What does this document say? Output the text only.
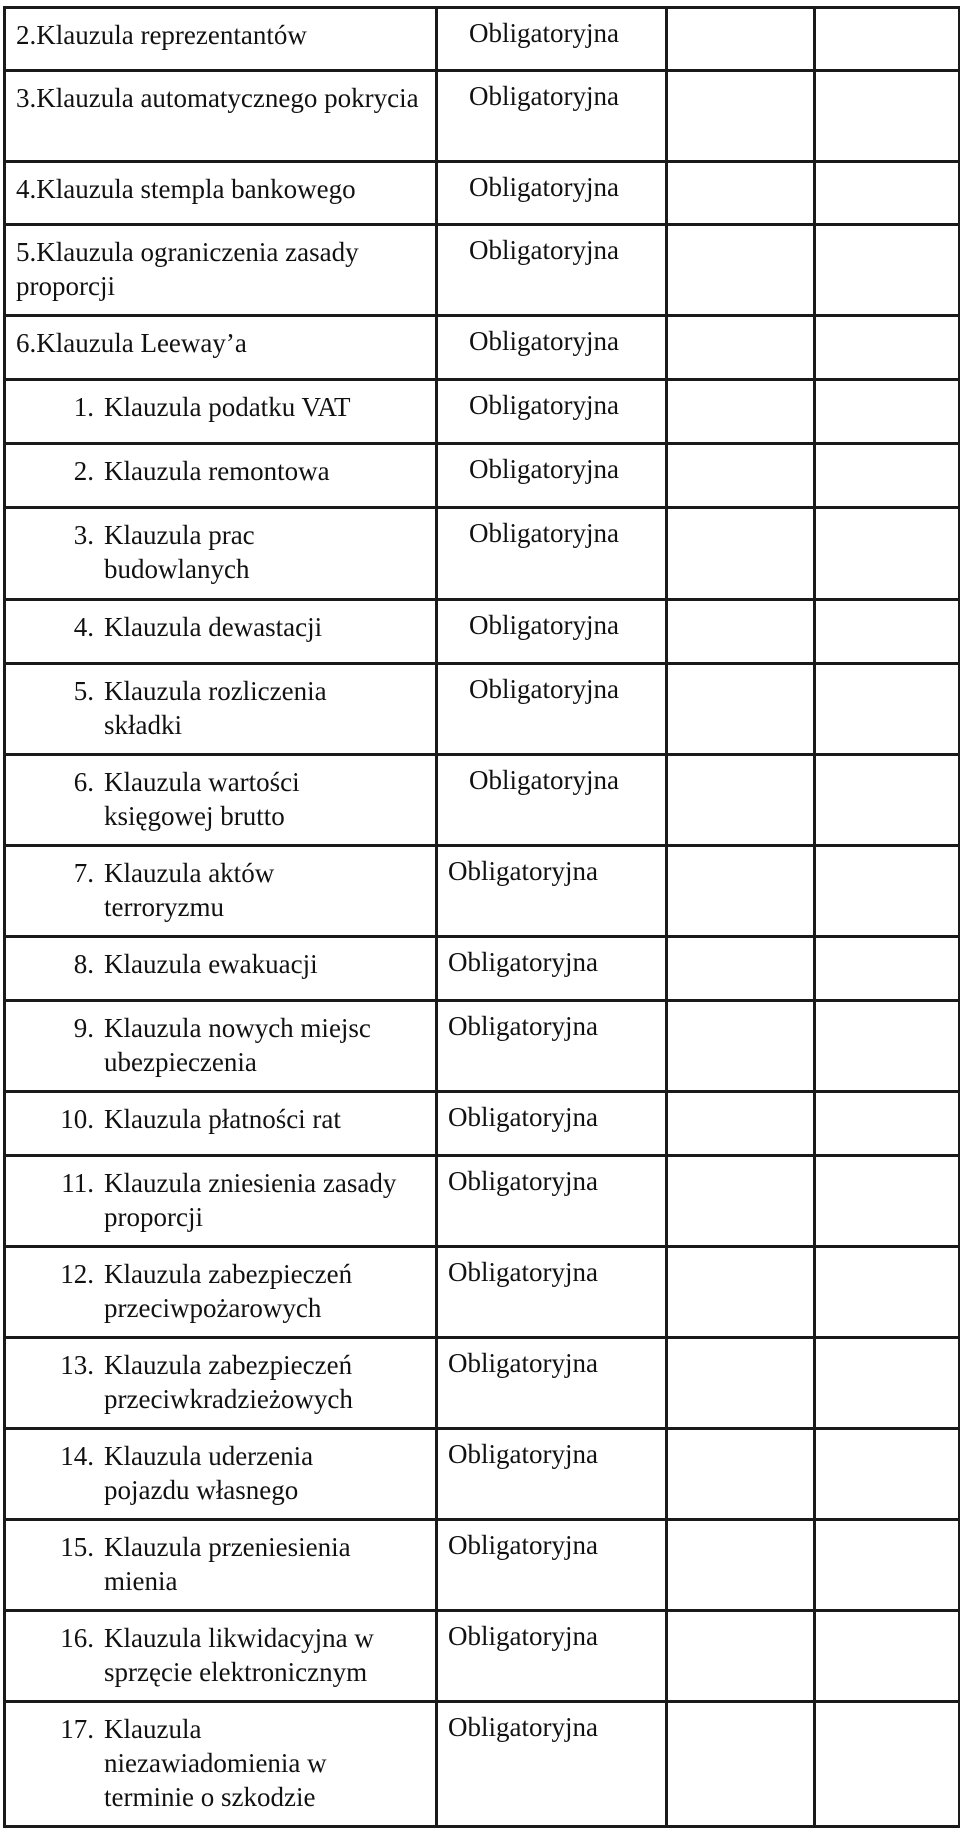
2.Klauzula reprezentantów	Obligatoryjna		
3.Klauzula automatycznego pokrycia	Obligatoryjna		
4.Klauzula stempla bankowego	Obligatoryjna		
5.Klauzula ograniczenia zasady proporcji	Obligatoryjna		
6.Klauzula Leeway’a	Obligatoryjna		

1. Klauzula podatku VAT	Obligatoryjna		

2. Klauzula remontowa	Obligatoryjna		

3. Klauzula prac budowlanych	Obligatoryjna		

4. Klauzula dewastacji	Obligatoryjna		

5. Klauzula rozliczenia składki	Obligatoryjna		

6. Klauzula wartości księgowej brutto	Obligatoryjna		

7. Klauzula aktów terroryzmu	Obligatoryjna		

8. Klauzula ewakuacji	Obligatoryjna		

9. Klauzula nowych miejsc ubezpieczenia	Obligatoryjna		

10. Klauzula płatności rat	Obligatoryjna		

11. Klauzula zniesienia zasady proporcji	Obligatoryjna		

12. Klauzula zabezpieczeń przeciwpożarowych	Obligatoryjna		

13. Klauzula zabezpieczeń przeciwkradzieżowych	Obligatoryjna		

14. Klauzula uderzenia pojazdu własnego	Obligatoryjna		

15. Klauzula przeniesienia mienia	Obligatoryjna		

16. Klauzula likwidacyjna w sprzęcie elektronicznym	Obligatoryjna		

17. Klauzula niezawiadomienia w terminie o szkodzie	Obligatoryjna		
